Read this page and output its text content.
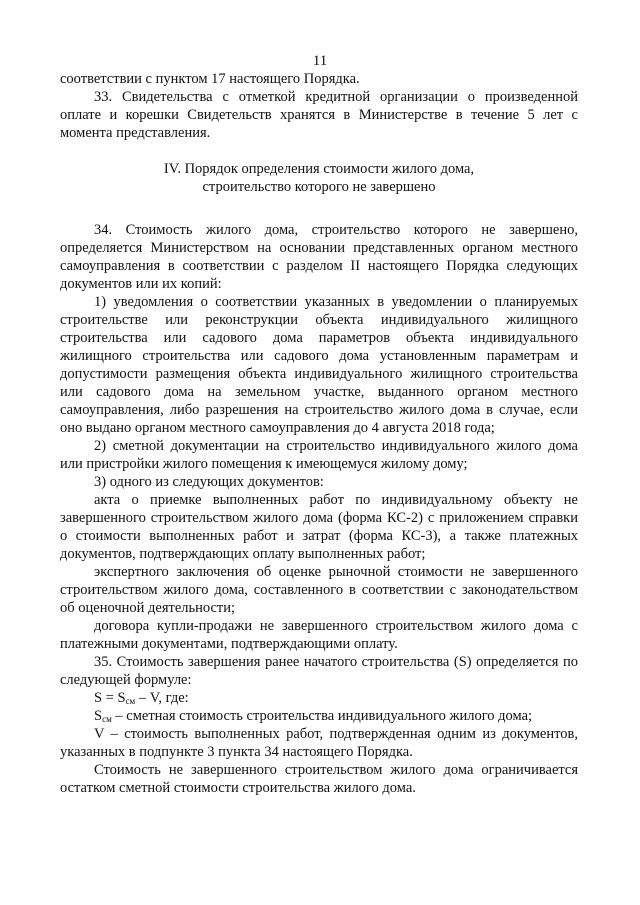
11

соответствии с пунктом 17 настоящего Порядка.

33. Свидетельства с отметкой кредитной организации о произведенной оплате и корешки Свидетельств хранятся в Министерстве в течение 5 лет с момента представления.

IV. Порядок определения стоимости жилого дома,

строительство которого не завершено

34. Стоимость жилого дома, строительство которого не завершено, определяется Министерством на основании представленных органом местного самоуправления в соответствии с разделом II настоящего Порядка следующих документов или их копий:

1) уведомления о соответствии указанных в уведомлении о планируемых строительстве или реконструкции объекта индивидуального жилищного строительства или садового дома параметров объекта индивидуального жилищного строительства или садового дома установленным параметрам и допустимости размещения объекта индивидуального жилищного строительства или садового дома на земельном участке, выданного органом местного самоуправления, либо разрешения на строительство жилого дома в случае, если оно выдано органом местного самоуправления до 4 августа 2018 года;

2) сметной документации на строительство индивидуального жилого дома или пристройки жилого помещения к имеющемуся жилому дому;

3) одного из следующих документов:

акта о приемке выполненных работ по индивидуальному объекту не завершенного строительством жилого дома (форма КС-2) с приложением справки о стоимости выполненных работ и затрат (форма КС-3), а также платежных документов, подтверждающих оплату выполненных работ;

экспертного заключения об оценке рыночной стоимости не завершенного строительством жилого дома, составленного в соответствии с законодательством об оценочной деятельности;

договора купли-продажи не завершенного строительством жилого дома с платежными документами, подтверждающими оплату.

35. Стоимость завершения ранее начатого строительства (S) определяется по следующей формуле:

$S = S_{см} - V$, где:

$S_{см}$ – сметная стоимость строительства индивидуального жилого дома;

V – стоимость выполненных работ, подтвержденная одним из документов, указанных в подпункте 3 пункта 34 настоящего Порядка.

Стоимость не завершенного строительством жилого дома ограничивается остатком сметной стоимости строительства жилого дома.
